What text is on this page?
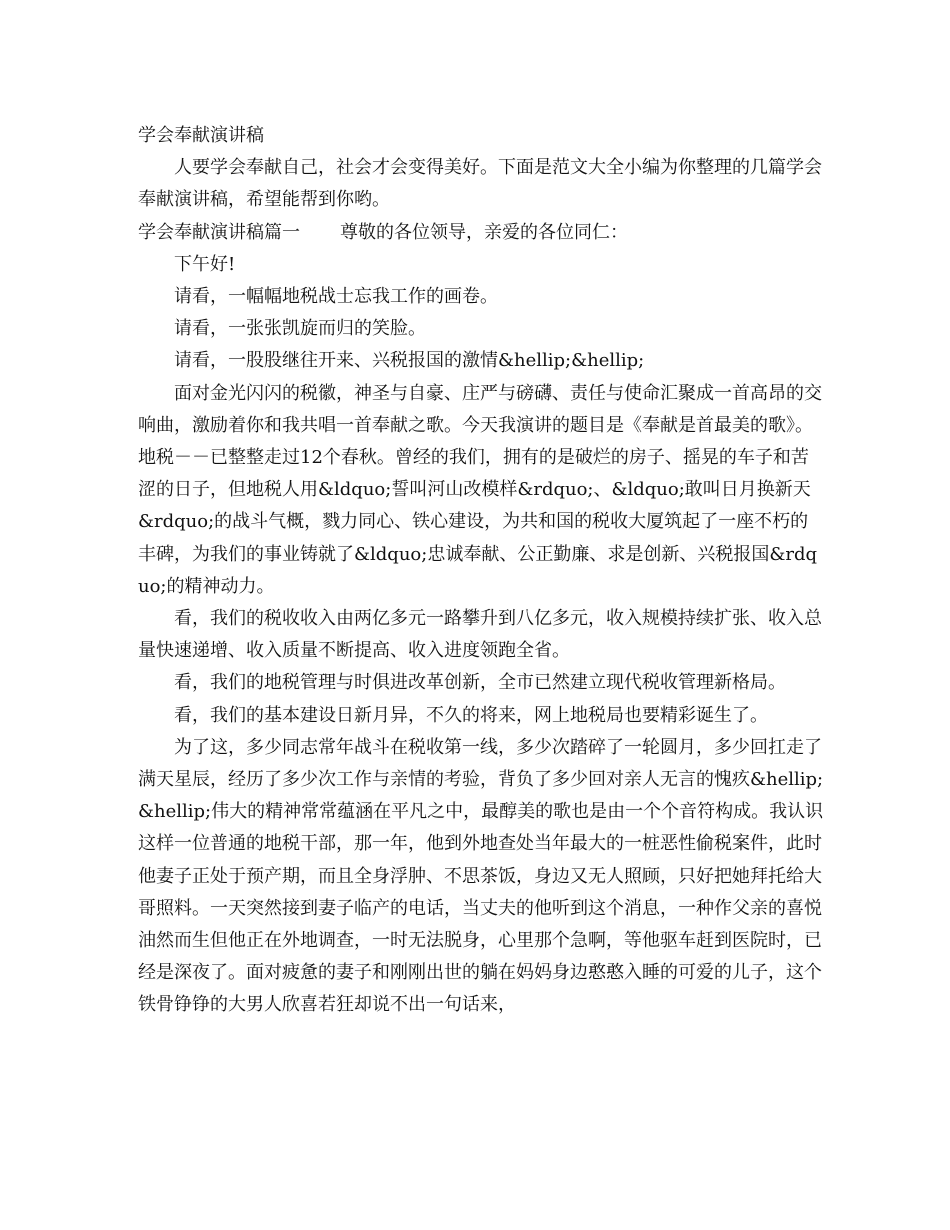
学会奉献演讲稿

人要学会奉献自己，社会才会变得美好。下面是范文大全小编为你整理的几篇学会奉献演讲稿，希望能帮到你哟。

学会奉献演讲稿篇一 尊敬的各位领导，亲爱的各位同仁：

下午好!

请看，一幅幅地税战士忘我工作的画卷。

请看，一张张凯旋而归的笑脸。

请看，一股股继往开来、兴税报国的激情&hellip;&hellip;

面对金光闪闪的税徽，神圣与自豪、庄严与磅礴、责任与使命汇聚成一首高昂的交响曲，激励着你和我共唱一首奉献之歌。今天我演讲的题目是《奉献是首最美的歌》。地税－－已整整走过12个春秋。曾经的我们，拥有的是破烂的房子、摇晃的车子和苦涩的日子，但地税人用&ldquo;誓叫河山改模样&rdquo;、&ldquo;敢叫日月换新天&rdquo;的战斗气概，戮力同心、铁心建设，为共和国的税收大厦筑起了一座不朽的丰碑，为我们的事业铸就了&ldquo;忠诚奉献、公正勤廉、求是创新、兴税报国&rdquo;的精神动力。

看，我们的税收收入由两亿多元一路攀升到八亿多元，收入规模持续扩张、收入总量快速递增、收入质量不断提高、收入进度领跑全省。

看，我们的地税管理与时俱进改革创新，全市已然建立现代税收管理新格局。

看，我们的基本建设日新月异，不久的将来，网上地税局也要精彩诞生了。

为了这，多少同志常年战斗在税收第一线，多少次踏碎了一轮圆月，多少回扛走了满天星辰，经历了多少次工作与亲情的考验，背负了多少回对亲人无言的愧疚&hellip;&hellip;伟大的精神常常蕴涵在平凡之中，最醇美的歌也是由一个个音符构成。我认识这样一位普通的地税干部，那一年，他到外地查处当年最大的一桩恶性偷税案件，此时他妻子正处于预产期，而且全身浮肿、不思茶饭，身边又无人照顾，只好把她拜托给大哥照料。一天突然接到妻子临产的电话，当丈夫的他听到这个消息，一种作父亲的喜悦油然而生但他正在外地调查，一时无法脱身，心里那个急啊，等他驱车赶到医院时，已经是深夜了。面对疲惫的妻子和刚刚出世的躺在妈妈身边憨憨入睡的可爱的儿子，这个铁骨铮铮的大男人欣喜若狂却说不出一句话来，
